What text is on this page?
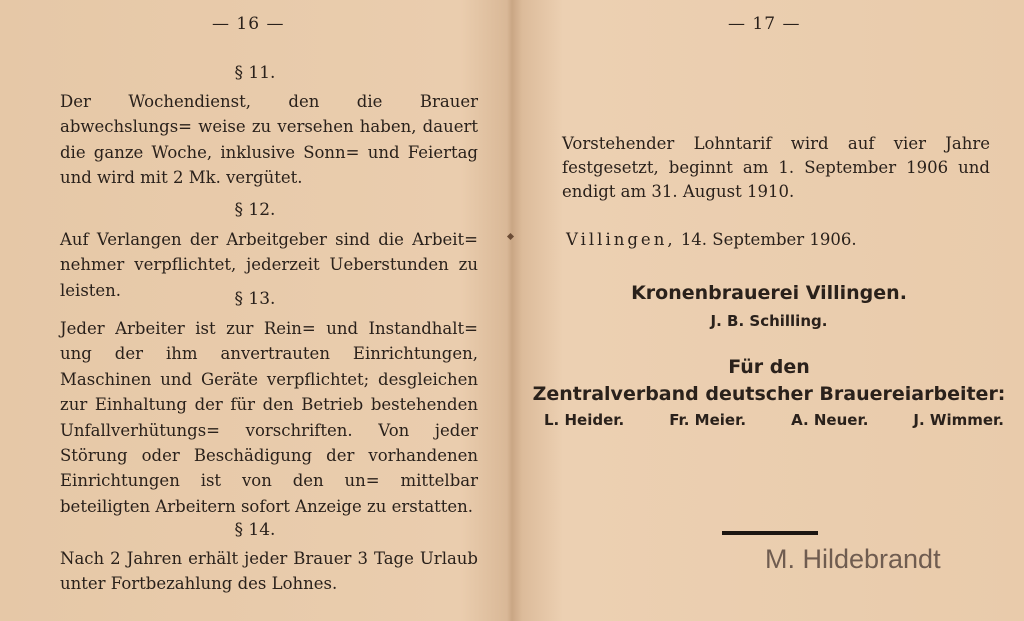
— 16 —
§ 11.

Der Wochendienst, den die Brauer abwechslungs= weise zu versehen haben, dauert die ganze Woche, inklusive Sonn= und Feiertag und wird mit 2 Mk. vergütet.

§ 12.

Auf Verlangen der Arbeitgeber sind die Arbeit= nehmer verpflichtet, jederzeit Ueberstunden zu leisten.	§ 13.

Jeder Arbeiter ist zur Rein= und Instandhalt= ung der ihm anvertrauten Einrichtungen, Maschinen und Geräte verpflichtet; desgleichen zur Einhaltung der für den Betrieb bestehenden Unfallverhütungs= vorschriften. Von jeder Störung oder Beschädigung der vorhandenen Einrichtungen ist von den un= mittelbar beteiligten Arbeitern sofort Anzeige zu erstatten.

§ 14.

Nach 2 Jahren erhält jeder Brauer 3 Tage Urlaub unter Fortbezahlung des Lohnes.

— 17 —

Vorstehender Lohntarif wird auf vier Jahre festgesetzt, beginnt am 1. September 1906 und endigt am 31. August 1910.

Villingen, 14. September 1906.
Kronenbrauerei Villingen.
J. B. Schilling.
Für den
Zentralverband deutscher Brauereiarbeiter:
L. Heider.	Fr. Meier.	A. Neuer.	J. Wimmer.
M. Hildebrandt
